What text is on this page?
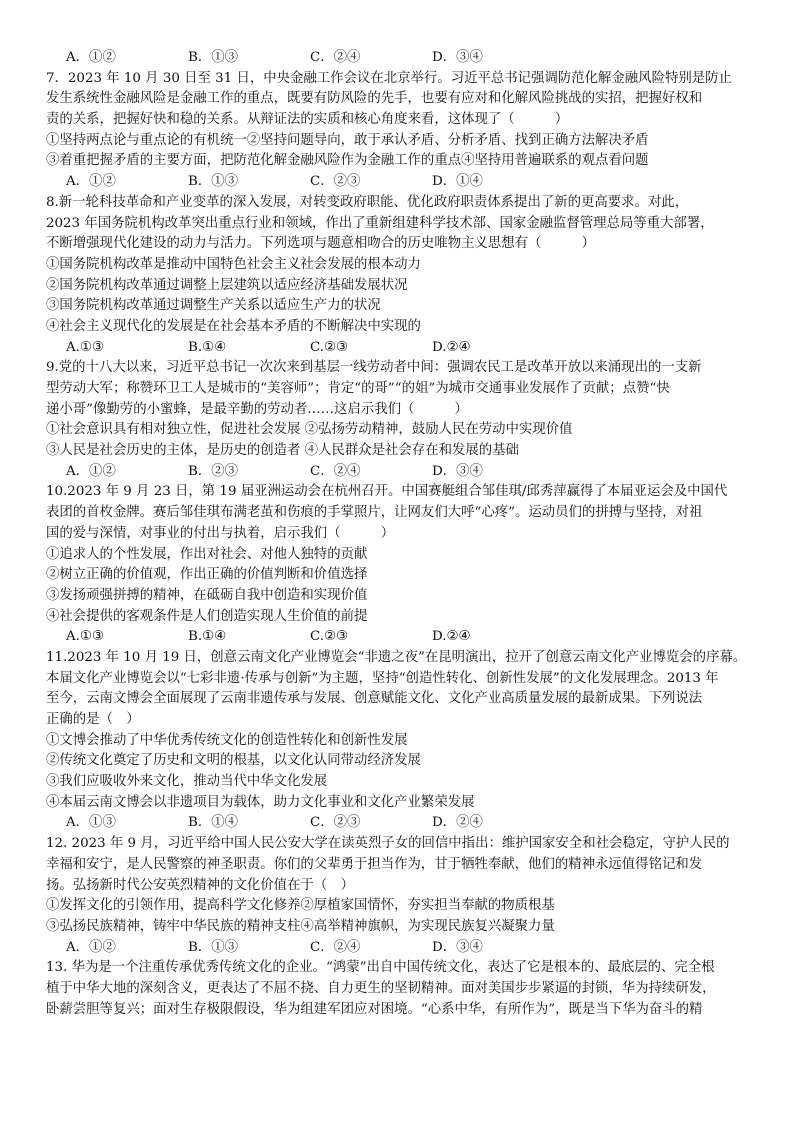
A．①②	B．①③	C．②④	D．③④
7．2023 年 10 月 30 日至 31 日，中央金融工作会议在北京举行。习近平总书记强调防范化解金融风险特别是防止
发生系统性金融风险是金融工作的重点，既要有防风险的先手，也要有应对和化解风险挑战的实招，把握好权和
责的关系，把握好快和稳的关系。从辩证法的实质和核心角度来看，这体现了（　　　）
①坚持两点论与重点论的有机统一②坚持问题导向，敢于承认矛盾、分析矛盾、找到正确方法解决矛盾
③着重把握矛盾的主要方面，把防范化解金融风险作为金融工作的重点④坚持用普遍联系的观点看问题
A．①②	B．①③	C．②③	D．①④
8.新一轮科技革命和产业变革的深入发展，对转变政府职能、优化政府职责体系提出了新的更高要求。对此，
2023 年国务院机构改革突出重点行业和领域，作出了重新组建科学技术部、国家金融监督管理总局等重大部署，
不断增强现代化建设的动力与活力。下列选项与题意相吻合的历史唯物主义思想有（　　　）
①国务院机构改革是推动中国特色社会主义社会发展的根本动力
②国务院机构改革通过调整上层建筑以适应经济基础发展状况
③国务院机构改革通过调整生产关系以适应生产力的状况
④社会主义现代化的发展是在社会基本矛盾的不断解决中实现的
A.①③	B.①④	C.②③	D.②④
9.党的十八大以来，习近平总书记一次次来到基层一线劳动者中间：强调农民工是改革开放以来涌现出的一支新
型劳动大军；称赞环卫工人是城市的“美容师”；肯定“的哥”“的姐”为城市交通事业发展作了贡献；点赞“快
递小哥”像勤劳的小蜜蜂，是最辛勤的劳动者……这启示我们（　　　）
①社会意识具有相对独立性，促进社会发展 ②弘扬劳动精神，鼓励人民在劳动中实现价值
③人民是社会历史的主体，是历史的创造者 ④人民群众是社会存在和发展的基础
A．①②	B．②③	C．②④	D．③④
10.2023 年 9 月 23 日，第 19 届亚洲运动会在杭州召开。中国赛艇组合邹佳琪/邱秀萍赢得了本届亚运会及中国代
表团的首枚金牌。赛后邹佳琪布满老茧和伤痕的手掌照片，让网友们大呼“心疼”。运动员们的拼搏与坚持，对祖
国的爱与深情，对事业的付出与执着，启示我们（　　　）
①追求人的个性发展，作出对社会、对他人独特的贡献
②树立正确的价值观，作出正确的价值判断和价值选择
③发扬顽强拼搏的精神，在砥砺自我中创造和实现价值
④社会提供的客观条件是人们创造实现人生价值的前提
A.①③	B.①④	C.②③	D.②④
11.2023 年 10 月 19 日，创意云南文化产业博览会“非遗之夜”在昆明演出，拉开了创意云南文化产业博览会的序幕。
本届文化产业博览会以“七彩非遗·传承与创新”为主题，坚持“创造性转化、创新性发展”的文化发展理念。2013 年
至今，云南文博会全面展现了云南非遗传承与发展、创意赋能文化、文化产业高质量发展的最新成果。下列说法
正确的是（　）
①文博会推动了中华优秀传统文化的创造性转化和创新性发展
②传统文化奠定了历史和文明的根基，以文化认同带动经济发展
③我们应吸收外来文化，推动当代中华文化发展
④本届云南文博会以非遗项目为载体，助力文化事业和文化产业繁荣发展
A．①③	B．①④	C．②③	D．②④
12. 2023 年 9 月，习近平给中国人民公安大学在读英烈子女的回信中指出：维护国家安全和社会稳定，守护人民的
幸福和安宁，是人民警察的神圣职责。你们的父辈勇于担当作为，甘于牺牲奉献，他们的精神永远值得铭记和发
扬。弘扬新时代公安英烈精神的文化价值在于（　）
①发挥文化的引领作用，提高科学文化修养②厚植家国情怀，夯实担当奉献的物质根基
③弘扬民族精神，铸牢中华民族的精神支柱④高举精神旗帜，为实现民族复兴凝聚力量
A．①②	B．①③	C．②④	D．③④
13. 华为是一个注重传承优秀传统文化的企业。“鸿蒙”出自中国传统文化，表达了它是根本的、最底层的、完全根
植于中华大地的深刻含义，更表达了不屈不挠、自力更生的坚韧精神。面对美国步步紧逼的封锁，华为持续研发，
卧薪尝胆等复兴；面对生存极限假设，华为组建军团应对困境。“心系中华，有所作为”，既是当下华为奋斗的精
